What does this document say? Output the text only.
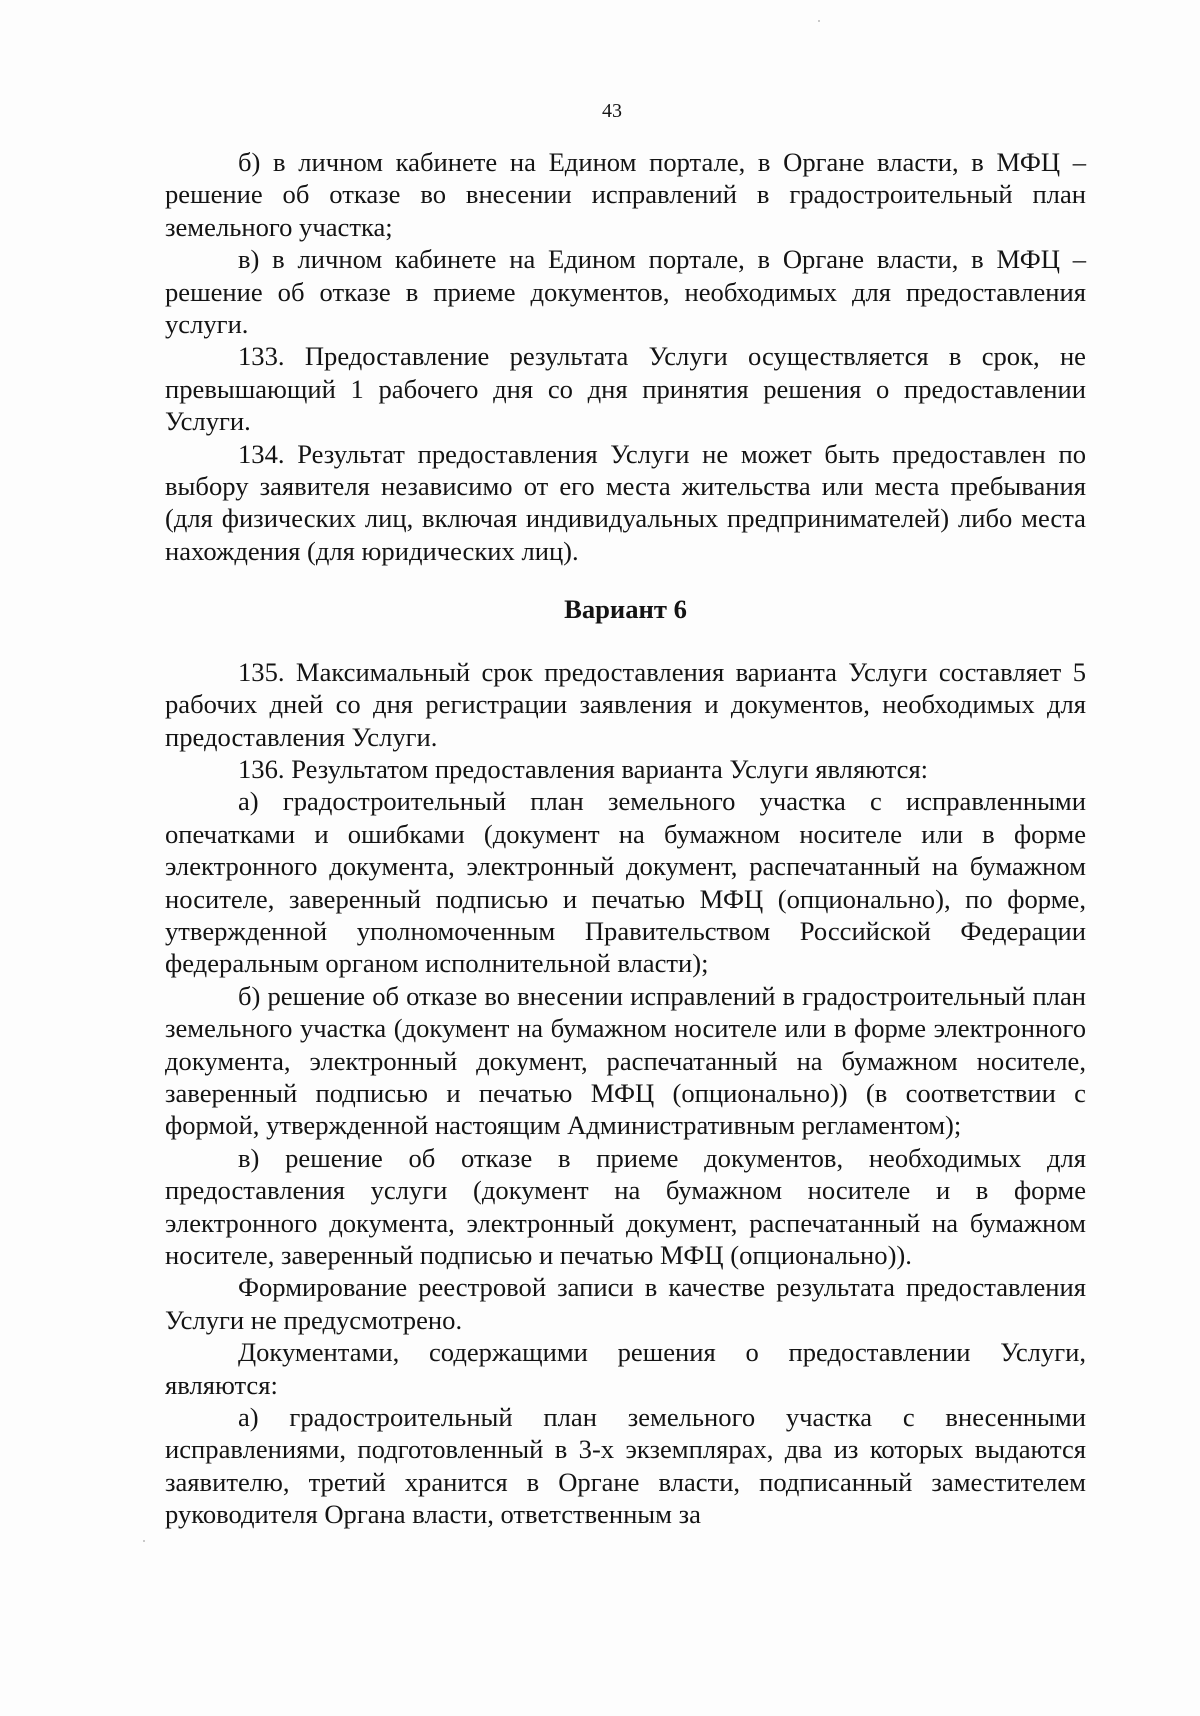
43

б) в личном кабинете на Едином портале, в Органе власти, в МФЦ – решение об отказе во внесении исправлений в градостроительный план земельного участка;

в) в личном кабинете на Едином портале, в Органе власти, в МФЦ – решение об отказе в приеме документов, необходимых для предоставления услуги.

133. Предоставление результата Услуги осуществляется в срок, не превышающий 1 рабочего дня со дня принятия решения о предоставлении Услуги.

134. Результат предоставления Услуги не может быть предоставлен по выбору заявителя независимо от его места жительства или места пребывания (для физических лиц, включая индивидуальных предпринимателей) либо места нахождения (для юридических лиц).

Вариант 6

135. Максимальный срок предоставления варианта Услуги составляет 5 рабочих дней со дня регистрации заявления и документов, необходимых для предоставления Услуги.

136. Результатом предоставления варианта Услуги являются:

а) градостроительный план земельного участка с исправленными опечатками и ошибками (документ на бумажном носителе или в форме электронного документа, электронный документ, распечатанный на бумажном носителе, заверенный подписью и печатью МФЦ (опционально), по форме, утвержденной уполномоченным Правительством Российской Федерации федеральным органом исполнительной власти);

б) решение об отказе во внесении исправлений в градостроительный план земельного участка (документ на бумажном носителе или в форме электронного документа, электронный документ, распечатанный на бумажном носителе, заверенный подписью и печатью МФЦ (опционально)) (в соответствии с формой, утвержденной настоящим Административным регламентом);

в) решение об отказе в приеме документов, необходимых для предоставления услуги (документ на бумажном носителе и в форме электронного документа, электронный документ, распечатанный на бумажном носителе, заверенный подписью и печатью МФЦ (опционально)).

Формирование реестровой записи в качестве результата предоставления Услуги не предусмотрено.

Документами, содержащими решения о предоставлении Услуги, являются:

а) градостроительный план земельного участка с внесенными исправлениями, подготовленный в 3-х экземплярах, два из которых выдаются заявителю, третий хранится в Органе власти, подписанный заместителем руководителя Органа власти, ответственным за
